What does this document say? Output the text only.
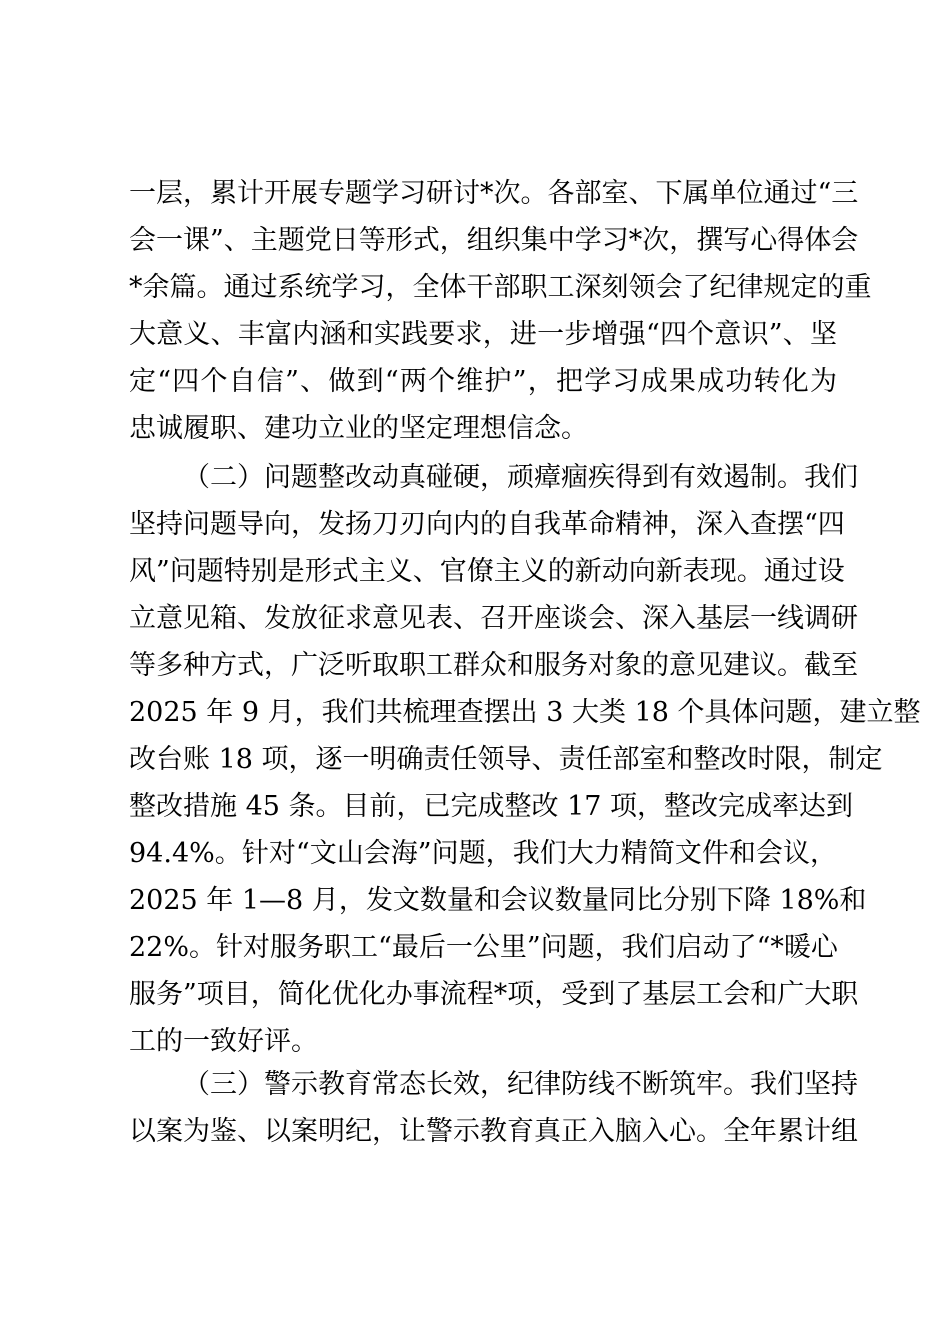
一层，累计开展专题学习研讨*次。各部室、下属单位通过“三
会一课”、主题党日等形式，组织集中学习*次，撰写心得体会
*余篇。通过系统学习，全体干部职工深刻领会了纪律规定的重
大意义、丰富内涵和实践要求，进一步增强“四个意识”、坚
定“四个自信”、做到“两个维护”，把学习成果成功转化为
忠诚履职、建功立业的坚定理想信念。
（二）问题整改动真碰硬，顽瘴痼疾得到有效遏制。我们
坚持问题导向，发扬刀刃向内的自我革命精神，深入查摆“四
风”问题特别是形式主义、官僚主义的新动向新表现。通过设
立意见箱、发放征求意见表、召开座谈会、深入基层一线调研
等多种方式，广泛听取职工群众和服务对象的意见建议。截至
2025 年 9 月，我们共梳理查摆出 3 大类 18 个具体问题，建立整
改台账 18 项，逐一明确责任领导、责任部室和整改时限，制定
整改措施 45 条。目前，已完成整改 17 项，整改完成率达到
94.4%。针对“文山会海”问题，我们大力精简文件和会议，
2025 年 1—8 月，发文数量和会议数量同比分别下降 18%和
22%。针对服务职工“最后一公里”问题，我们启动了“*暖心
服务”项目，简化优化办事流程*项，受到了基层工会和广大职
工的一致好评。
（三）警示教育常态长效，纪律防线不断筑牢。我们坚持
以案为鉴、以案明纪，让警示教育真正入脑入心。全年累计组
